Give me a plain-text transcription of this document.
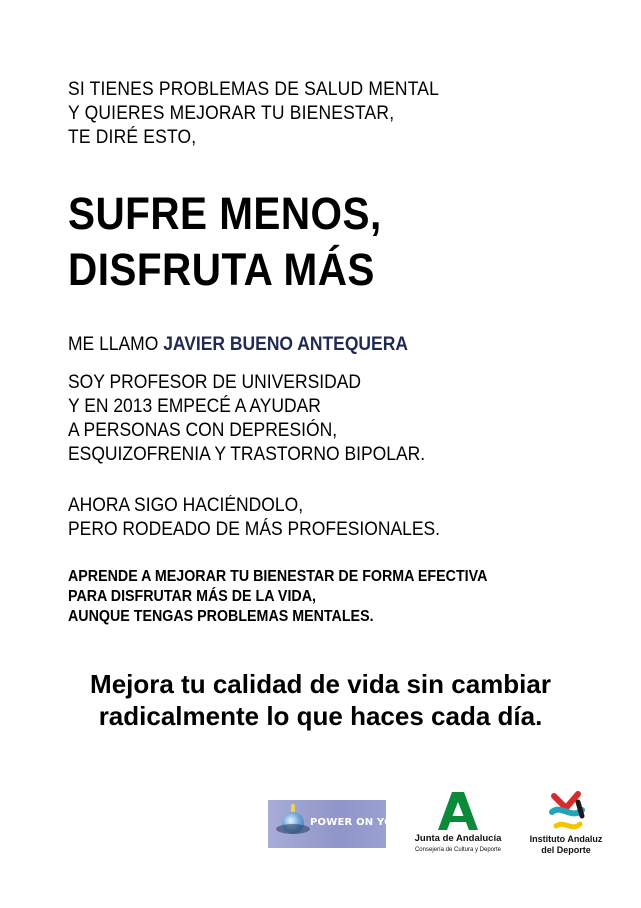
SI TIENES PROBLEMAS DE SALUD MENTAL
Y QUIERES MEJORAR TU BIENESTAR,
TE DIRÉ ESTO,
SUFRE MENOS,
DISFRUTA MÁS
ME LLAMO JAVIER BUENO ANTEQUERA
SOY PROFESOR DE UNIVERSIDAD
Y EN 2013 EMPECÉ A AYUDAR
A PERSONAS CON DEPRESIÓN,
ESQUIZOFRENIA Y TRASTORNO BIPOLAR.
AHORA SIGO HACIÉNDOLO,
PERO RODEADO DE MÁS PROFESIONALES.
APRENDE A MEJORAR TU BIENESTAR DE FORMA EFECTIVA
PARA DISFRUTAR MÁS DE LA VIDA,
AUNQUE TENGAS PROBLEMAS MENTALES.
Mejora tu calidad de vida sin cambiar
radicalmente lo que haces cada día.
POWER ON YOU
Junta de Andalucía
Consejería de Cultura y Deporte
Instituto Andaluz
del Deporte
